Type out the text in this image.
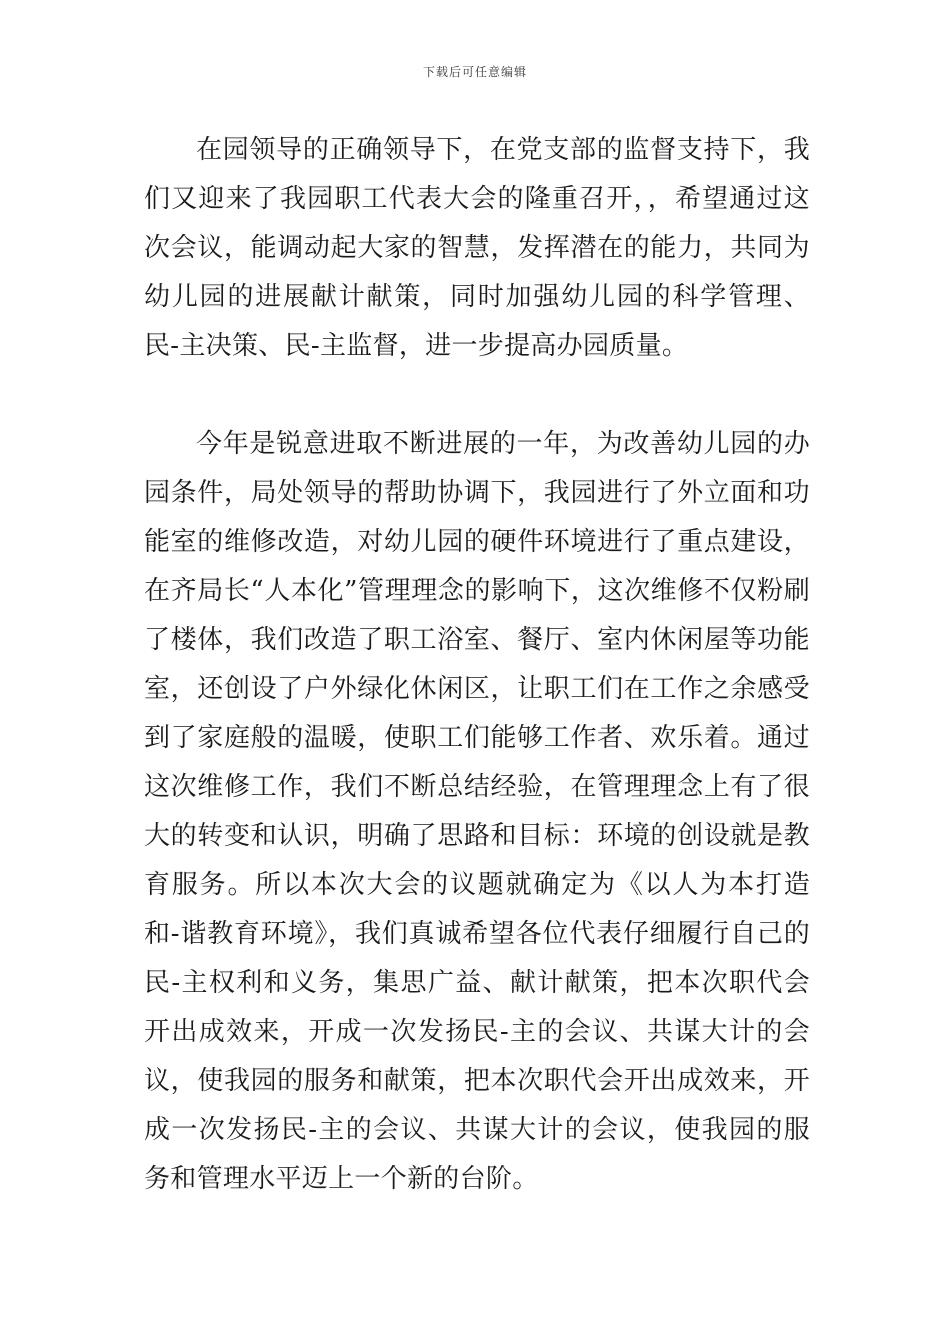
下载后可任意编辑

在园领导的正确领导下，在党支部的监督支持下，我们又迎来了我园职工代表大会的隆重召开，，希望通过这次会议，能调动起大家的智慧，发挥潜在的能力，共同为幼儿园的进展献计献策，同时加强幼儿园的科学管理、民-主决策、民-主监督，进一步提高办园质量。

今年是锐意进取不断进展的一年，为改善幼儿园的办园条件，局处领导的帮助协调下，我园进行了外立面和功能室的维修改造，对幼儿园的硬件环境进行了重点建设，在齐局长“人本化”管理理念的影响下，这次维修不仅粉刷了楼体，我们改造了职工浴室、餐厅、室内休闲屋等功能室，还创设了户外绿化休闲区，让职工们在工作之余感受到了家庭般的温暖，使职工们能够工作者、欢乐着。通过这次维修工作，我们不断总结经验，在管理理念上有了很大的转变和认识，明确了思路和目标：环境的创设就是教育服务。所以本次大会的议题就确定为《以人为本打造和-谐教育环境》，我们真诚希望各位代表仔细履行自己的民-主权利和义务，集思广益、献计献策，把本次职代会开出成效来，开成一次发扬民-主的会议、共谋大计的会议，使我园的服务和献策，把本次职代会开出成效来，开成一次发扬民-主的会议、共谋大计的会议，使我园的服务和管理水平迈上一个新的台阶。
